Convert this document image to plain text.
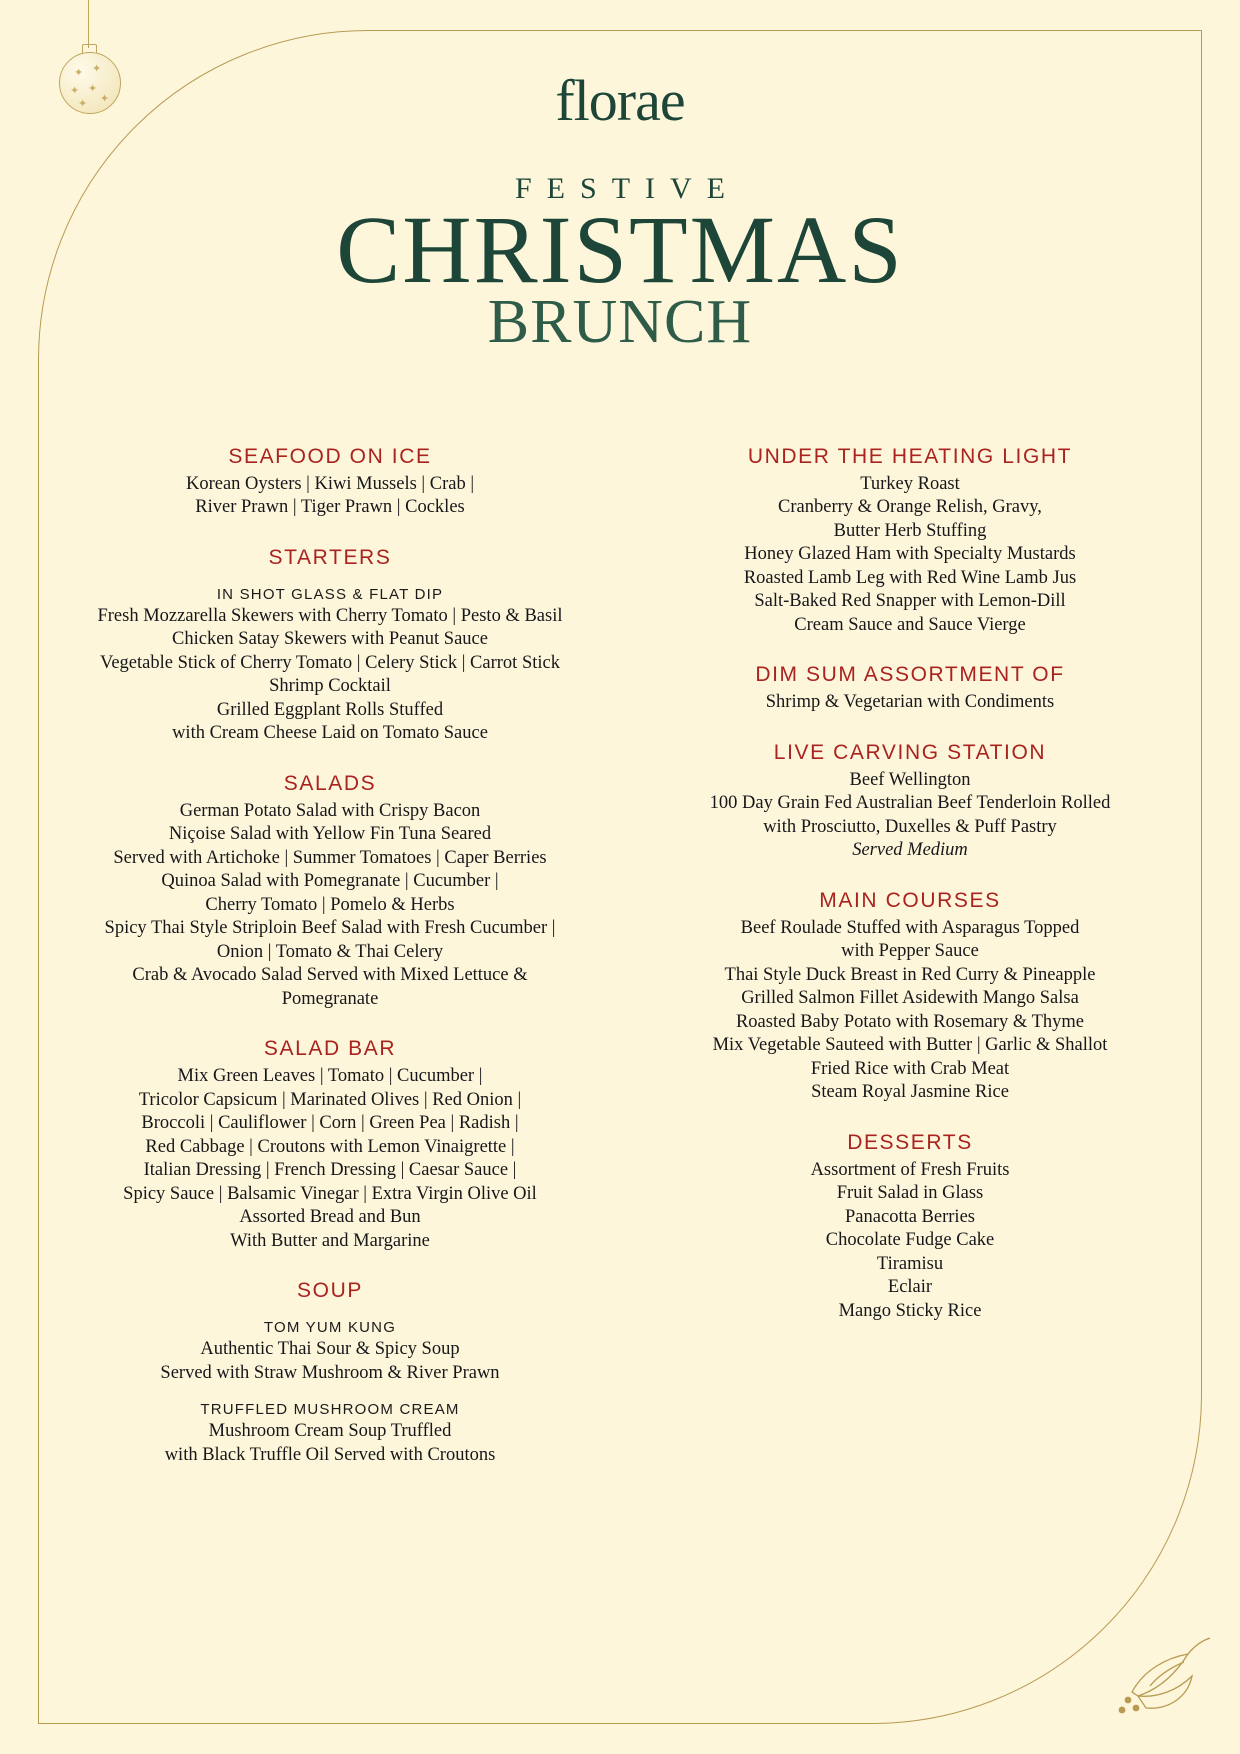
✦ ✦
✦ ✦
✦
✦	florae
FESTIVE
CHRISTMAS
BRUNCH
SEAFOOD ON ICE

Korean Oysters | Kiwi Mussels | Crab |

River Prawn | Tiger Prawn | Cockles

STARTERS
IN SHOT GLASS & FLAT DIP

Fresh Mozzarella Skewers with Cherry Tomato | Pesto & Basil

Chicken Satay Skewers with Peanut Sauce

Vegetable Stick of Cherry Tomato | Celery Stick | Carrot Stick

Shrimp Cocktail

Grilled Eggplant Rolls Stuffed

with Cream Cheese Laid on Tomato Sauce

SALADS

German Potato Salad with Crispy Bacon

Niçoise Salad with Yellow Fin Tuna Seared

Served with Artichoke | Summer Tomatoes | Caper Berries

Quinoa Salad with Pomegranate | Cucumber |

Cherry Tomato | Pomelo & Herbs

Spicy Thai Style Striploin Beef Salad with Fresh Cucumber |

Onion | Tomato & Thai Celery

Crab & Avocado Salad Served with Mixed Lettuce &

Pomegranate

SALAD BAR

Mix Green Leaves | Tomato | Cucumber |

Tricolor Capsicum | Marinated Olives | Red Onion |

Broccoli | Cauliflower | Corn | Green Pea | Radish |

Red Cabbage | Croutons with Lemon Vinaigrette |

Italian Dressing | French Dressing | Caesar Sauce |

Spicy Sauce | Balsamic Vinegar | Extra Virgin Olive Oil

Assorted Bread and Bun

With Butter and Margarine

SOUP
TOM YUM KUNG

Authentic Thai Sour & Spicy Soup

Served with Straw Mushroom & River Prawn

TRUFFLED MUSHROOM CREAM

Mushroom Cream Soup Truffled

with Black Truffle Oil Served with Croutons

UNDER THE HEATING LIGHT

Turkey Roast

Cranberry & Orange Relish, Gravy,

Butter Herb Stuffing

Honey Glazed Ham with Specialty Mustards

Roasted Lamb Leg with Red Wine Lamb Jus

Salt-Baked Red Snapper with Lemon-Dill

Cream Sauce and Sauce Vierge

DIM SUM ASSORTMENT OF

Shrimp & Vegetarian with Condiments

LIVE CARVING STATION

Beef Wellington

100 Day Grain Fed Australian Beef Tenderloin Rolled

with Prosciutto, Duxelles & Puff Pastry

Served Medium

MAIN COURSES

Beef Roulade Stuffed with Asparagus Topped

with Pepper Sauce

Thai Style Duck Breast in Red Curry & Pineapple

Grilled Salmon Fillet Asidewith Mango Salsa

Roasted Baby Potato with Rosemary & Thyme

Mix Vegetable Sauteed with Butter | Garlic & Shallot

Fried Rice with Crab Meat

Steam Royal Jasmine Rice

DESSERTS

Assortment of Fresh Fruits

Fruit Salad in Glass

Panacotta Berries

Chocolate Fudge Cake

Tiramisu

Eclair

Mango Sticky Rice
